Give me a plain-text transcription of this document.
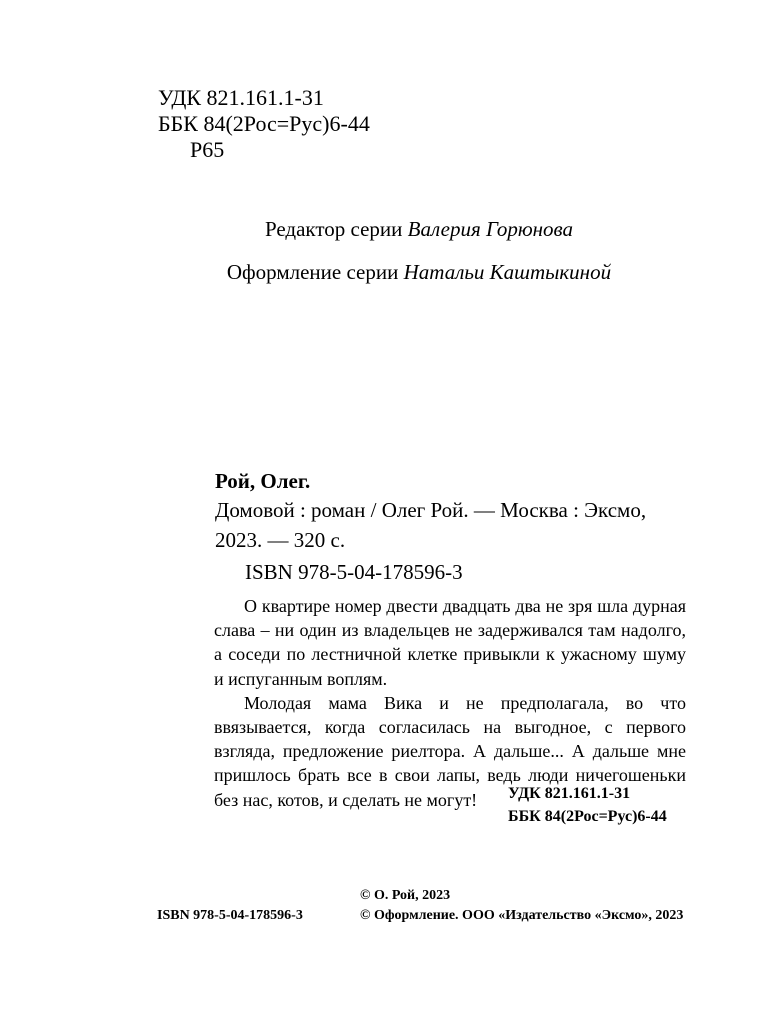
УДК 821.161.1-31
ББК 84(2Рос=Рус)6-44
Р65
Редактор серии Валерия Горюнова
Оформление серии Натальи Каштыкиной
Рой, Олег.
Домовой : роман / Олег Рой. — Москва : Эксмо, 2023. — 320 с.
ISBN 978-5-04-178596-3

О квартире номер двести двадцать два не зря шла дурная слава – ни один из владельцев не задерживался там надолго, а соседи по лестничной клетке привыкли к ужасному шуму и испуганным воплям.

Молодая мама Вика и не предполагала, во что ввязывается, когда согласилась на выгодное, с первого взгляда, предложение риелтора. А дальше... А дальше мне пришлось брать все в свои лапы, ведь люди ничегошеньки без нас, котов, и сделать не могут!	УДК 821.161.1-31
ББК 84(2Рос=Рус)6-44
© О. Рой, 2023
ISBN 978-5-04-178596-3	© Оформление. ООО «Издательство «Эксмо», 2023
